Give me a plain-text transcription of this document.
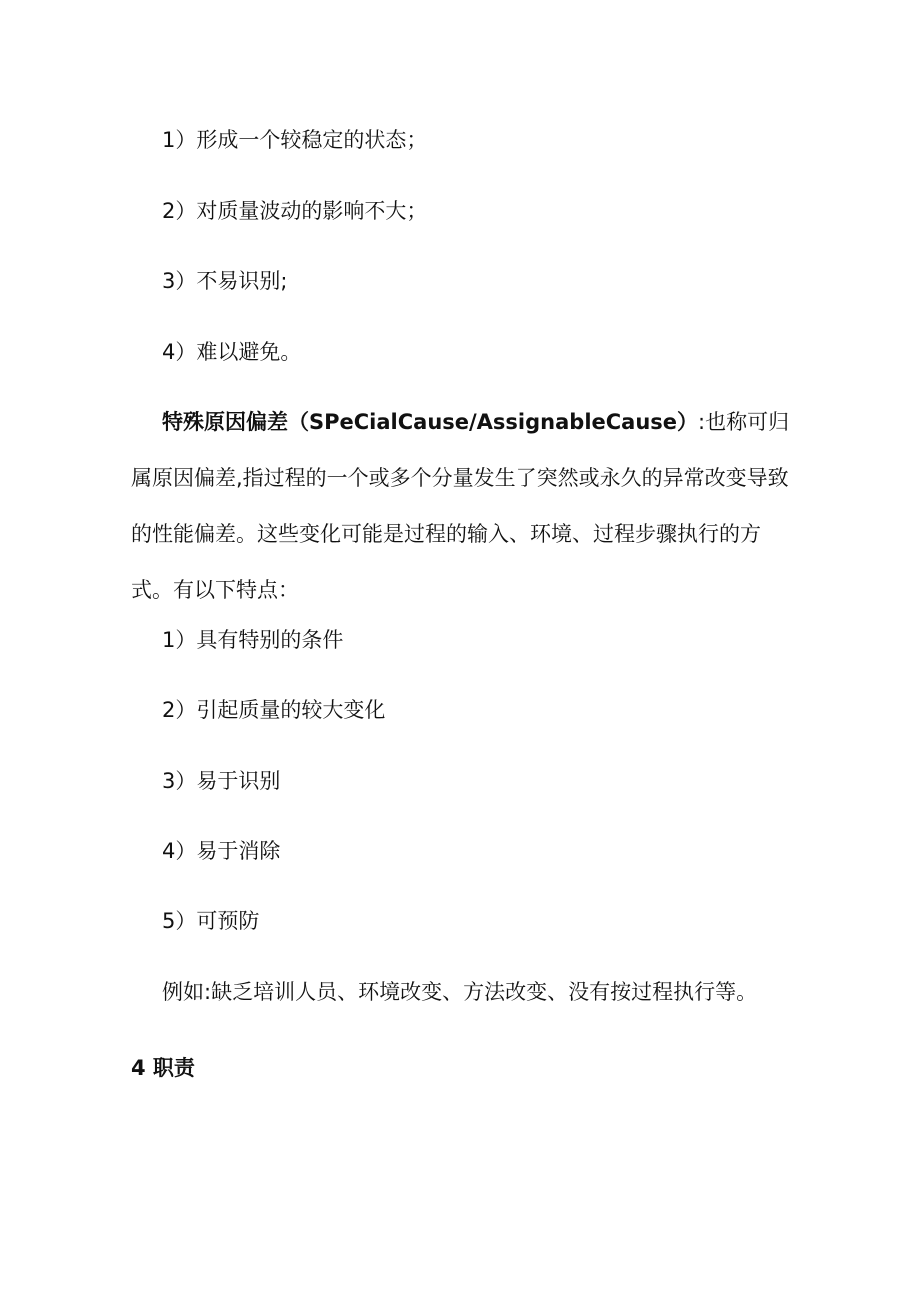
1）形成一个较稳定的状态；
2）对质量波动的影响不大；
3）不易识别;
4）难以避免。
特殊原因偏差（SPeCialCause/AssignableCause）:也称可归属原因偏差,指过程的一个或多个分量发生了突然或永久的异常改变导致的性能偏差。这些变化可能是过程的输入、环境、过程步骤执行的方式。有以下特点：
1）具有特别的条件
2）引起质量的较大变化
3）易于识别
4）易于消除
5）可预防
例如:缺乏培训人员、环境改变、方法改变、没有按过程执行等。
4 职责
